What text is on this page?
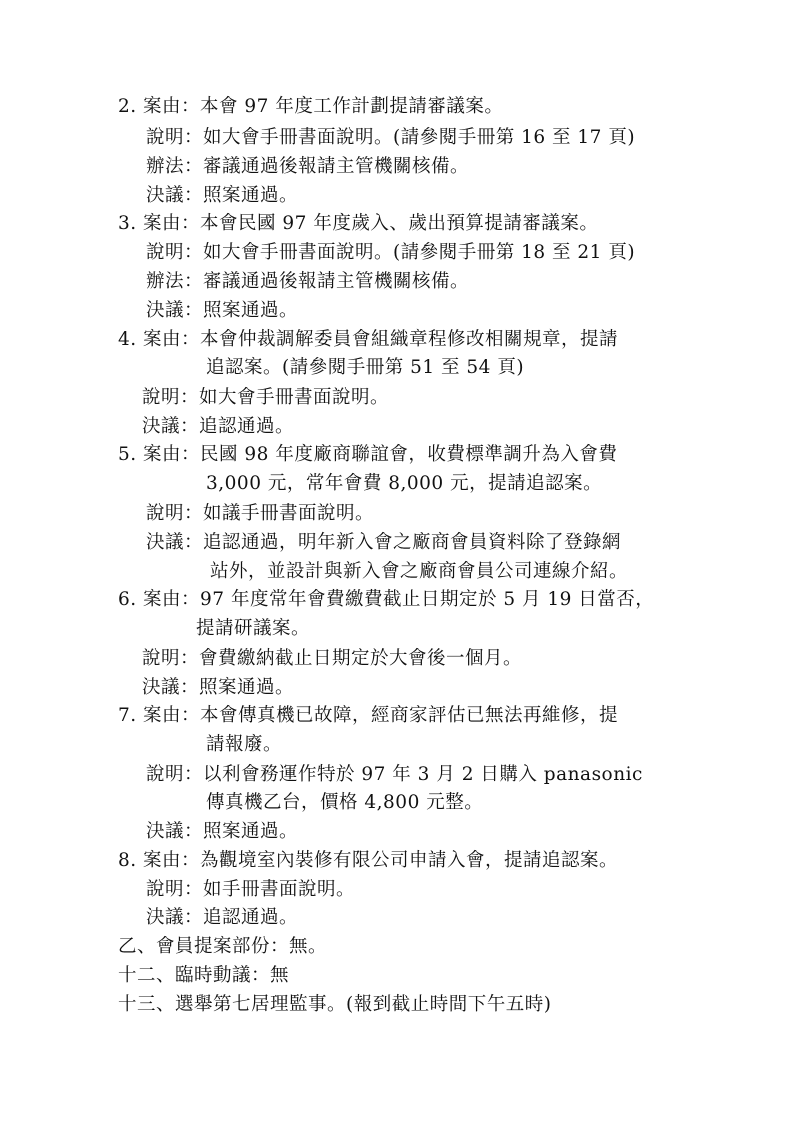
2. 案由：本會 97 年度工作計劃提請審議案。
說明：如大會手冊書面說明。(請參閱手冊第 16 至 17 頁)
辦法：審議通過後報請主管機關核備。
決議：照案通過。
3. 案由：本會民國 97 年度歲入、歲出預算提請審議案。
說明：如大會手冊書面說明。(請參閱手冊第 18 至 21 頁)
辦法：審議通過後報請主管機關核備。
決議：照案通過。
4. 案由：本會仲裁調解委員會組織章程修改相關規章，提請
追認案。(請參閱手冊第 51 至 54 頁)
說明：如大會手冊書面說明。
決議：追認通過。
5. 案由：民國 98 年度廠商聯誼會，收費標準調升為入會費
3,000 元，常年會費 8,000 元，提請追認案。
說明：如議手冊書面說明。
決議：追認通過，明年新入會之廠商會員資料除了登錄網
站外，並設計與新入會之廠商會員公司連線介紹。
6. 案由：97 年度常年會費繳費截止日期定於 5 月 19 日當否，
提請研議案。
說明：會費繳納截止日期定於大會後一個月。
決議：照案通過。
7. 案由：本會傳真機已故障，經商家評估已無法再維修，提
請報廢。
說明：以利會務運作特於 97 年 3 月 2 日購入 panasonic
傳真機乙台，價格 4,800 元整。
決議：照案通過。
8. 案由：為觀境室內裝修有限公司申請入會，提請追認案。
說明：如手冊書面說明。
決議：追認通過。
乙、會員提案部份：無。
十二、臨時動議：無
十三、選舉第七居理監事。(報到截止時間下午五時)
